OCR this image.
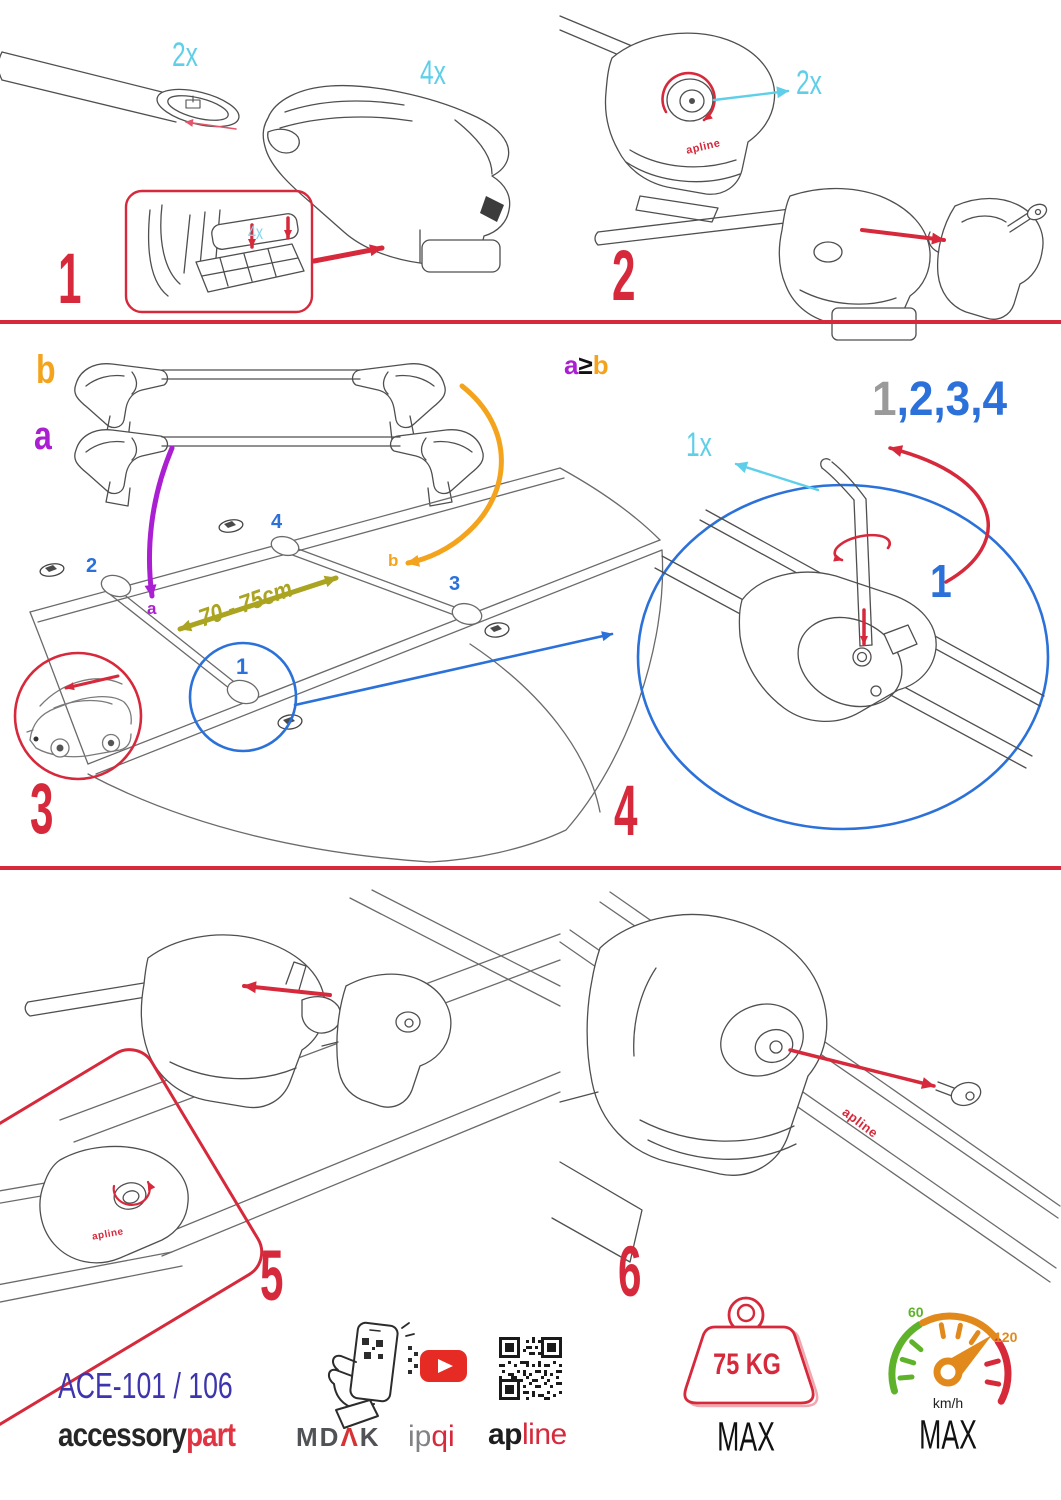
1
2x	4x
4x
2
2x
apline
b
a
b
a
2
4
3
1
70 - 75cm
3
a≥b
1,2,3,4
1x
1
4
5
apline	6
apline
ACE-101 / 106
accessorypart MDΛK ipqi apline
75 KG
MAX
60
120
km/h
MAX
